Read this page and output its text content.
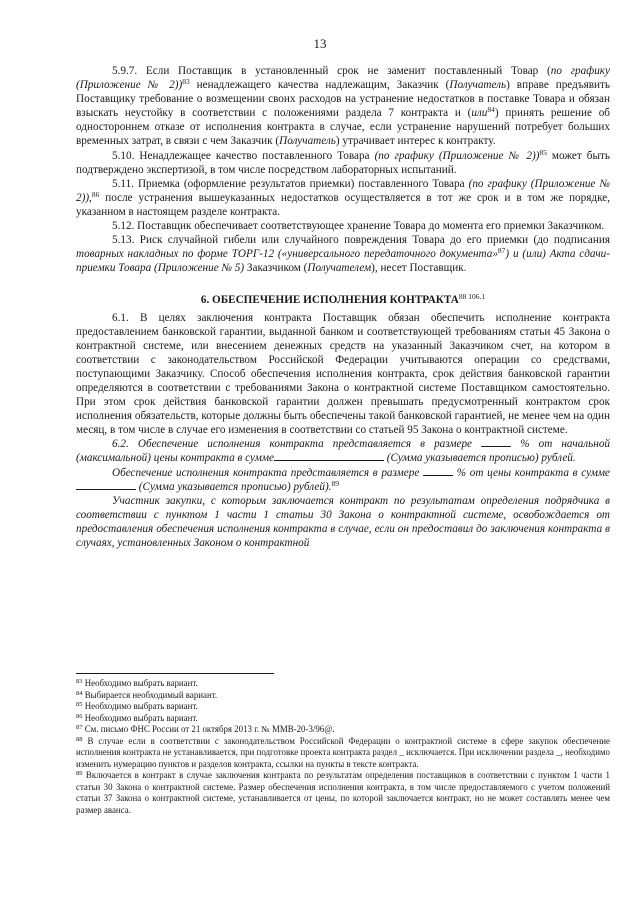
13

5.9.7. Если Поставщик в установленный срок не заменит поставленный Товар (по графику (Приложение № 2))$^{83}$ ненадлежащего качества надлежащим, Заказчик (Получатель) вправе предъявить Поставщику требование о возмещении своих расходов на устранение недостатков в поставке Товара и обязан взыскать неустойку в соответствии с положениями раздела 7 контракта и (или$^{84}$) принять решение об одностороннем отказе от исполнения контракта в случае, если устранение нарушений потребует больших временных затрат, в связи с чем Заказчик (Получатель) утрачивает интерес к контракту.

5.10. Ненадлежащее качество поставленного Товара (по графику (Приложение № 2))$^{85}$ может быть подтверждено экспертизой, в том числе посредством лабораторных испытаний.

5.11. Приемка (оформление результатов приемки) поставленного Товара (по графику (Приложение № 2)),$^{86}$ после устранения вышеуказанных недостатков осуществляется в тот же срок и в том же порядке, указанном в настоящем разделе контракта.

5.12. Поставщик обеспечивает соответствующее хранение Товара до момента его приемки Заказчиком.

5.13. Риск случайной гибели или случайного повреждения Товара до его приемки (до подписания товарных накладных по форме ТОРГ-12 («универсального передаточного документа»$^{87}$) и (или) Акта сдачи-приемки Товара (Приложение № 5) Заказчиком (Получателем), несет Поставщик.

6. ОБЕСПЕЧЕНИЕ ИСПОЛНЕНИЯ КОНТРАКТА$^{88}$ $^{106.1}$

6.1. В целях заключения контракта Поставщик обязан обеспечить исполнение контракта предоставлением банковской гарантии, выданной банком и соответствующей требованиям статьи 45 Закона о контрактной системе, или внесением денежных средств на указанный Заказчиком счет, на котором в соответствии с законодательством Российской Федерации учитываются операции со средствами, поступающими Заказчику. Способ обеспечения исполнения контракта, срок действия банковской гарантии определяются в соответствии с требованиями Закона о контрактной системе Поставщиком самостоятельно. При этом срок действия банковской гарантии должен превышать предусмотренный контрактом срок исполнения обязательств, которые должны быть обеспечены такой банковской гарантией, не менее чем на один месяц, в том числе в случае его изменения в соответствии со статьей 95 Закона о контрактной системе.

6.2. Обеспечение исполнения контракта представляется в размере	% от начальной (максимальной) цены контракта в сумме	(Сумма указывается прописью) рублей.

Обеспечение исполнения контракта представляется в размере	% от цены контракта в сумме (Сумма указывается прописью) рублей).$^{89}$

Участник закупки, с которым заключается контракт по результатам определения подрядчика в соответствии с пунктом 1 части 1 статьи 30 Закона о контрактной системе, освобождается от предоставления обеспечения исполнения контракта в случае, если он предоставил до заключения контракта в случаях, установленных Законом о контрактной

$^{83}$ Необходимо выбрать вариант.

$^{84}$ Выбирается необходимый вариант.

$^{85}$ Необходимо выбрать вариант.

$^{86}$ Необходимо выбрать вариант.

$^{87}$ См. письмо ФНС России от 21 октября 2013 г. № ММВ-20-3/96@.

$^{88}$ В случае если в соответствии с законодательством Российской Федерации о контрактной системе в сфере закупок обеспечение исполнения контракта не устанавливается, при подготовке проекта контракта раздел _ исключается. При исключении раздела _, необходимо изменить нумерацию пунктов и разделов контракта, ссылки на пункты в тексте контракта.

$^{89}$ Включается в контракт в случае заключения контракта по результатам определения поставщиков в соответствии с пунктом 1 части 1 статьи 30 Закона о контрактной системе. Размер обеспечения исполнения контракта, в том числе предоставляемого с учетом положений статьи 37 Закона о контрактной системе, устанавливается от цены, по которой заключается контракт, но не может составлять менее чем размер аванса.
